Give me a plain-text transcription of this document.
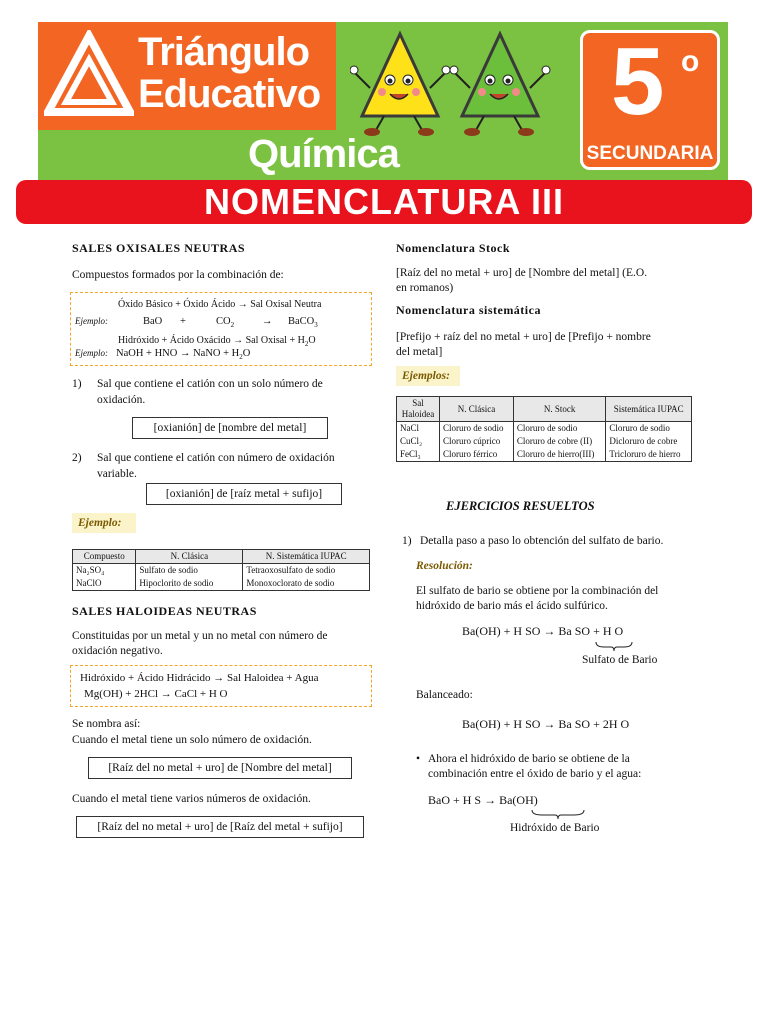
Triángulo
Educativo
Química
5 o
SECUNDARIA
NOMENCLATURA III
SALES OXISALES NEUTRAS
Compuestos formados por la combinación de:
Óxido Básico + Óxido Ácido → Sal Oxisal Neutra
Ejemplo:	BaO +	$CO_2$	→ BaCO$_3$
Hidróxido + Ácido Oxácido → Sal Oxisal + $H_2O$
Ejemplo: NaOH + HNO → NaNO + $H_2O$
1) Sal que contiene el catión con un solo número de
oxidación.
[oxianión] de [nombre del metal]
2) Sal que contiene el catión con número de oxidación
variable.
[oxianión] de [raíz metal + sufijo]
Ejemplo:
Compuesto	N. Clásica	N. Sistemática IUPAC
Na₂SO₄	Sulfato de sodio	Tetraoxosulfato de sodio
NaClO	Hipoclorito de sodio	Monoxoclorato de sodio
SALES HALOIDEAS NEUTRAS
Constituidas por un metal y un no metal con número de
oxidación negativo.
Hidróxido + Ácido Hidrácido → Sal Haloidea + Agua
Mg(OH) + 2HCl → CaCl + H O
Se nombra así:
Cuando el metal tiene un solo número de oxidación.
[Raíz del no metal + uro] de [Nombre del metal]
Cuando el metal tiene varios números de oxidación.
[Raíz del no metal + uro] de [Raíz del metal + sufijo]
Nomenclatura Stock
[Raíz del no metal + uro] de [Nombre del metal] (E.O.
en romanos)
Nomenclatura sistemática
[Prefijo + raíz del no metal + uro] de [Prefijo + nombre
del metal]
Ejemplos:
Sal Haloidea	N. Clásica	N. Stock	Sistemática IUPAC
NaCl	Cloruro de sodio	Cloruro de sodio	Cloruro de sodio
CuCl₂	Cloruro cúprico	Cloruro de cobre (II)	Dicloruro de cobre
FeCl₃	Cloruro férrico	Cloruro de hierro(III)	Tricloruro de hierro
EJERCICIOS RESUELTOS
1) Detalla paso a paso lo obtención del sulfato de bario.
Resolución:
El sulfato de bario se obtiene por la combinación del
hidróxido de bario más el ácido sulfúrico.
Ba(OH) + H SO → Ba SO + H O
Sulfato de Bario
Balanceado:
Ba(OH) + H SO → Ba SO + 2H O
• Ahora el hidróxido de bario se obtiene de la
combinación entre el óxido de bario y el agua:
BaO + H S → Ba(OH)
Hidróxido de Bario
